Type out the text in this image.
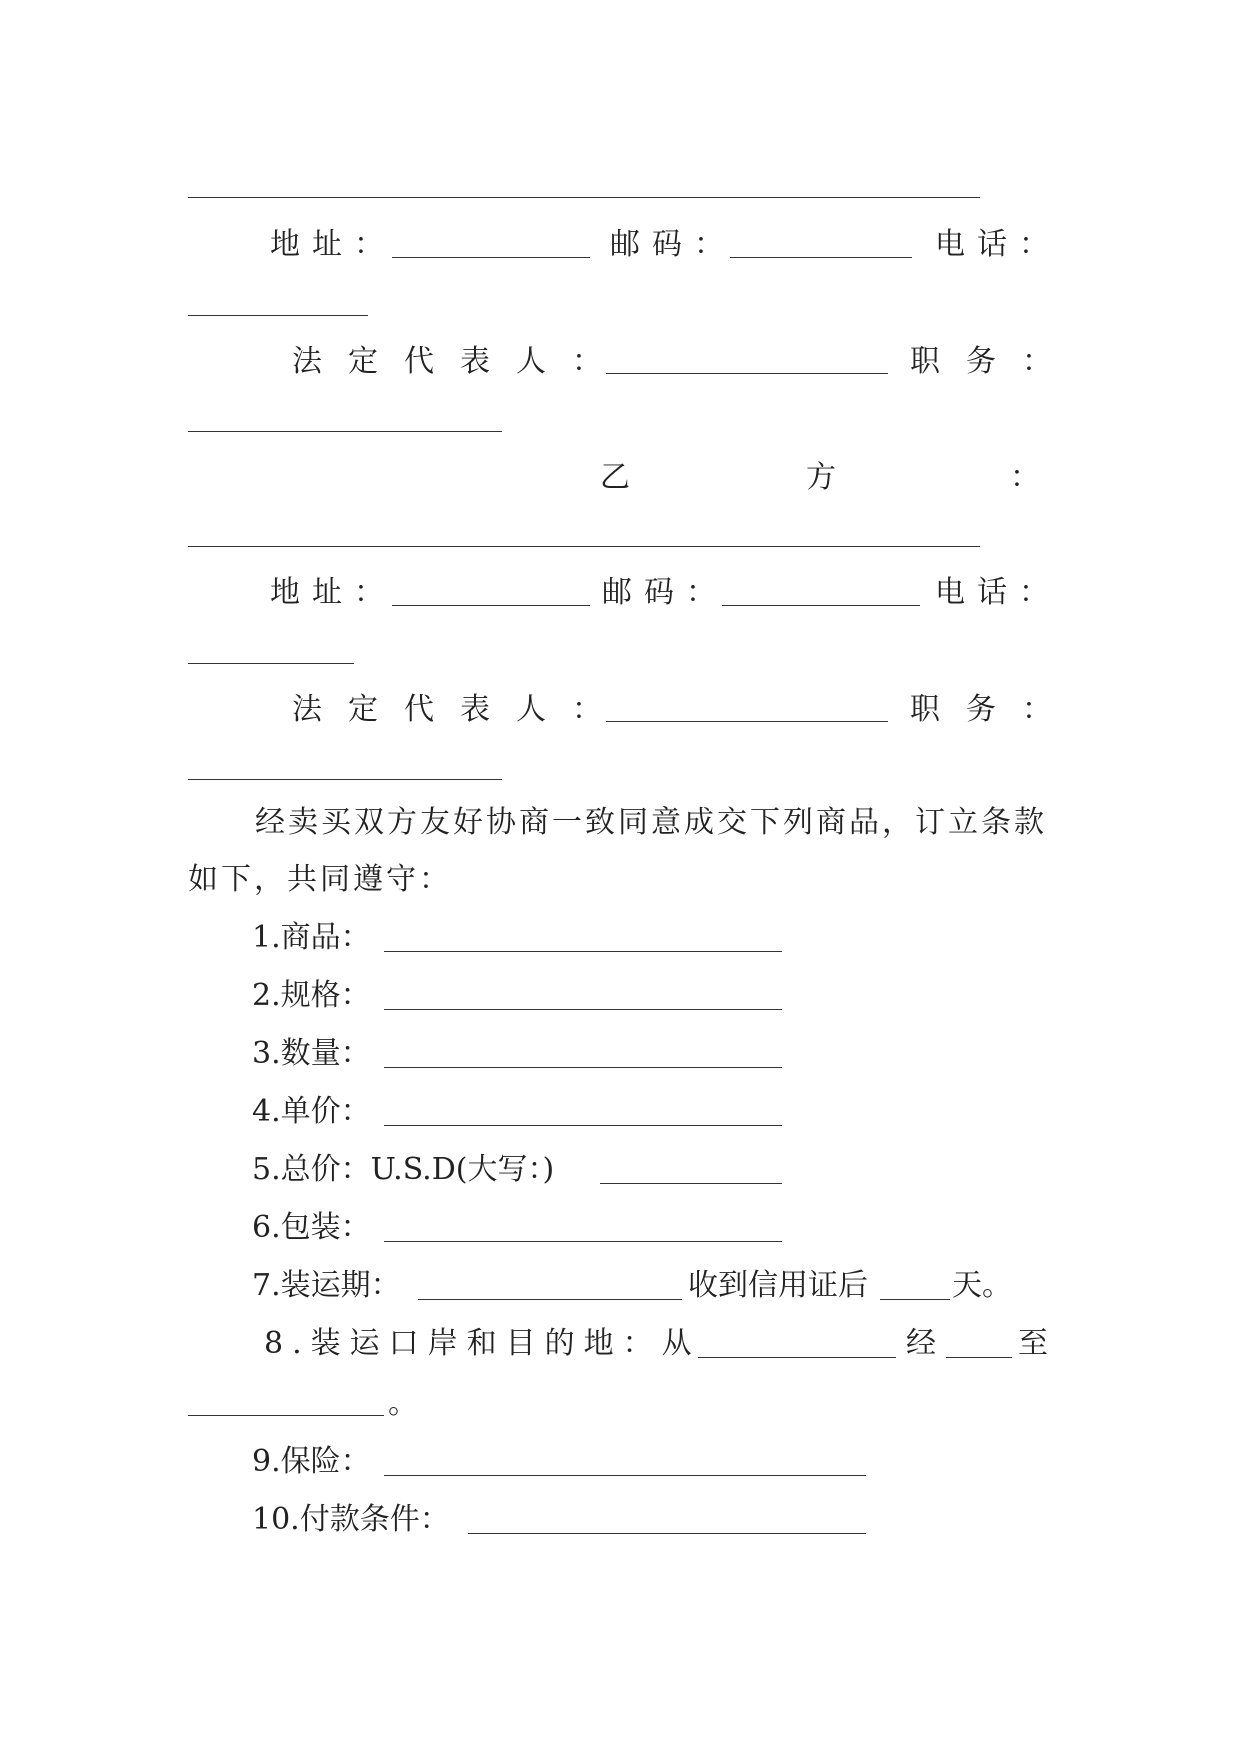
地址：	邮码：	电话：
法定代表人：	职务：
乙	方	：
地址：	邮码：	电话：
法定代表人：	职务：
经卖买双方友好协商一致同意成交下列商品，订立条款
如下，共同遵守：
1.商品：
2.规格：
3.数量：
4.单价：
5.总价：U.S.D(大写：)
6.包装：
7.装运期：	收到信用证后	天。
8.装运口岸和目的地：从	经	至
。
9.保险：
10.付款条件：
